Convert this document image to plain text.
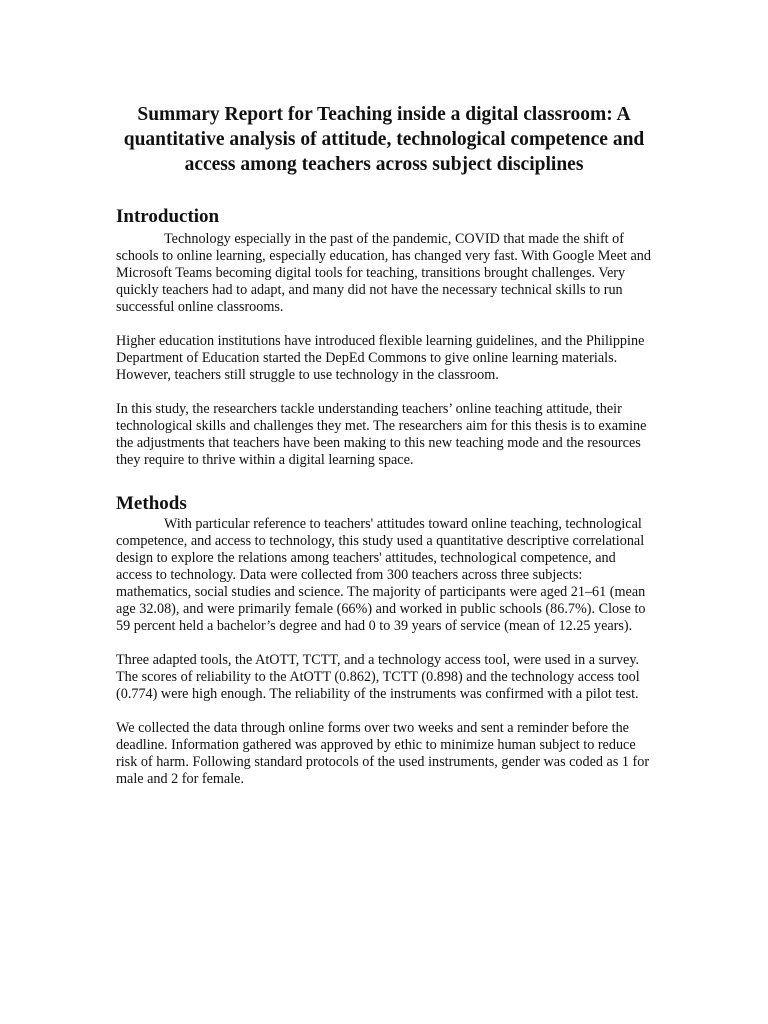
Summary Report for Teaching inside a digital classroom: A quantitative analysis of attitude, technological competence and access among teachers across subject disciplines
Introduction

Technology especially in the past of the pandemic, COVID that made the shift of schools to online learning, especially education, has changed very fast. With Google Meet and Microsoft Teams becoming digital tools for teaching, transitions brought challenges. Very quickly teachers had to adapt, and many did not have the necessary technical skills to run successful online classrooms.

Higher education institutions have introduced flexible learning guidelines, and the Philippine Department of Education started the DepEd Commons to give online learning materials. However, teachers still struggle to use technology in the classroom.

In this study, the researchers tackle understanding teachers’ online teaching attitude, their technological skills and challenges they met. The researchers aim for this thesis is to examine the adjustments that teachers have been making to this new teaching mode and the resources they require to thrive within a digital learning space.

Methods

With particular reference to teachers' attitudes toward online teaching, technological competence, and access to technology, this study used a quantitative descriptive correlational design to explore the relations among teachers' attitudes, technological competence, and access to technology. Data were collected from 300 teachers across three subjects: mathematics, social studies and science. The majority of participants were aged 21–61 (mean age 32.08), and were primarily female (66%) and worked in public schools (86.7%). Close to 59 percent held a bachelor’s degree and had 0 to 39 years of service (mean of 12.25 years).

Three adapted tools, the AtOTT, TCTT, and a technology access tool, were used in a survey. The scores of reliability to the AtOTT (0.862), TCTT (0.898) and the technology access tool (0.774) were high enough. The reliability of the instruments was confirmed with a pilot test.

We collected the data through online forms over two weeks and sent a reminder before the deadline. Information gathered was approved by ethic to minimize human subject to reduce risk of harm. Following standard protocols of the used instruments, gender was coded as 1 for male and 2 for female.
